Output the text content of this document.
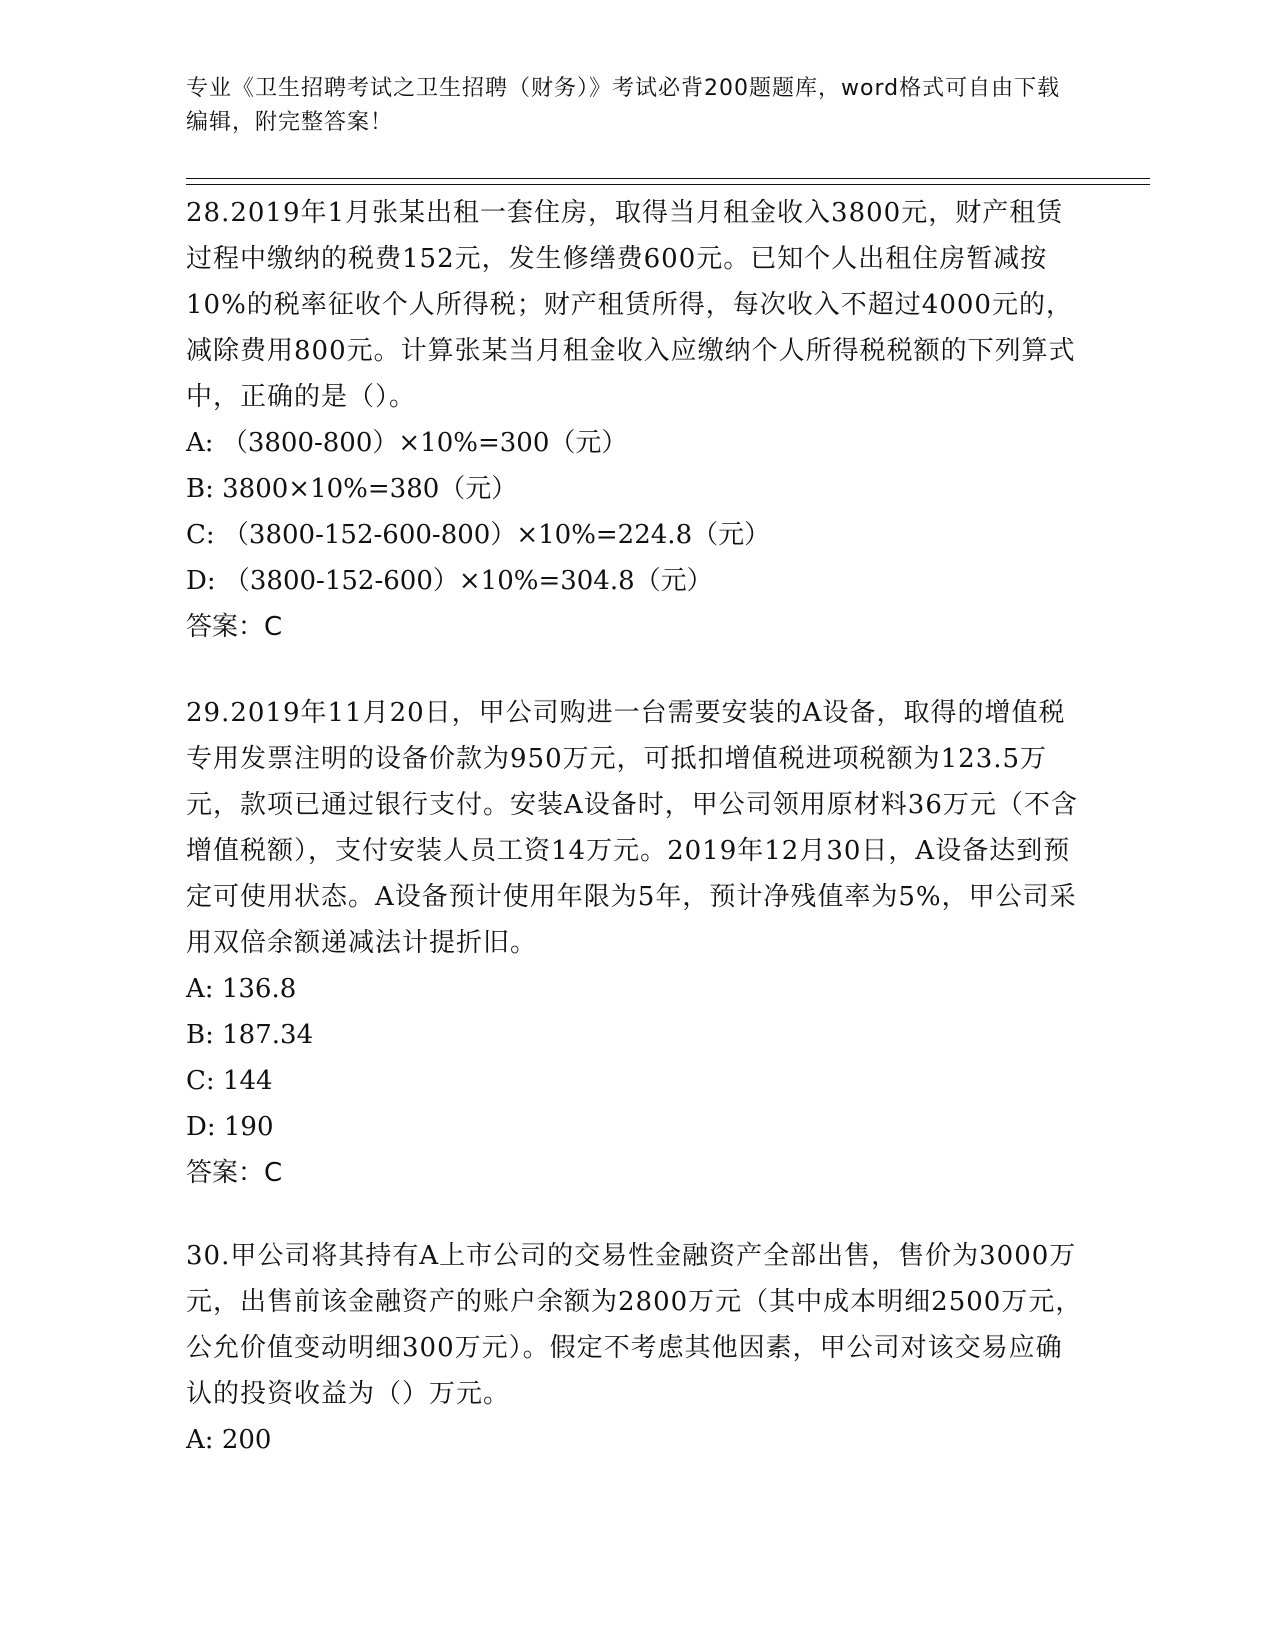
专业《卫生招聘考试之卫生招聘（财务）》考试必背200题题库，word格式可自由下载编辑，附完整答案！

28.2019年1月张某出租一套住房，取得当月租金收入3800元，财产租赁过程中缴纳的税费152元，发生修缮费600元。已知个人出租住房暂减按10%的税率征收个人所得税；财产租赁所得，每次收入不超过4000元的，减除费用800元。计算张某当月租金收入应缴纳个人所得税税额的下列算式中，正确的是（）。

A: （3800-800）×10%=300（元）

B: 3800×10%=380（元）

C: （3800-152-600-800）×10%=224.8（元）

D: （3800-152-600）×10%=304.8（元）

答案：C

29.2019年11月20日，甲公司购进一台需要安装的A设备，取得的增值税专用发票注明的设备价款为950万元，可抵扣增值税进项税额为123.5万元，款项已通过银行支付。安装A设备时，甲公司领用原材料36万元（不含增值税额），支付安装人员工资14万元。2019年12月30日，A设备达到预定可使用状态。A设备预计使用年限为5年，预计净残值率为5%，甲公司采用双倍余额递减法计提折旧。

A: 136.8

B: 187.34

C: 144

D: 190

答案：C

30.甲公司将其持有A上市公司的交易性金融资产全部出售，售价为3000万元，出售前该金融资产的账户余额为2800万元（其中成本明细2500万元，公允价值变动明细300万元）。假定不考虑其他因素，甲公司对该交易应确认的投资收益为（）万元。

A: 200
